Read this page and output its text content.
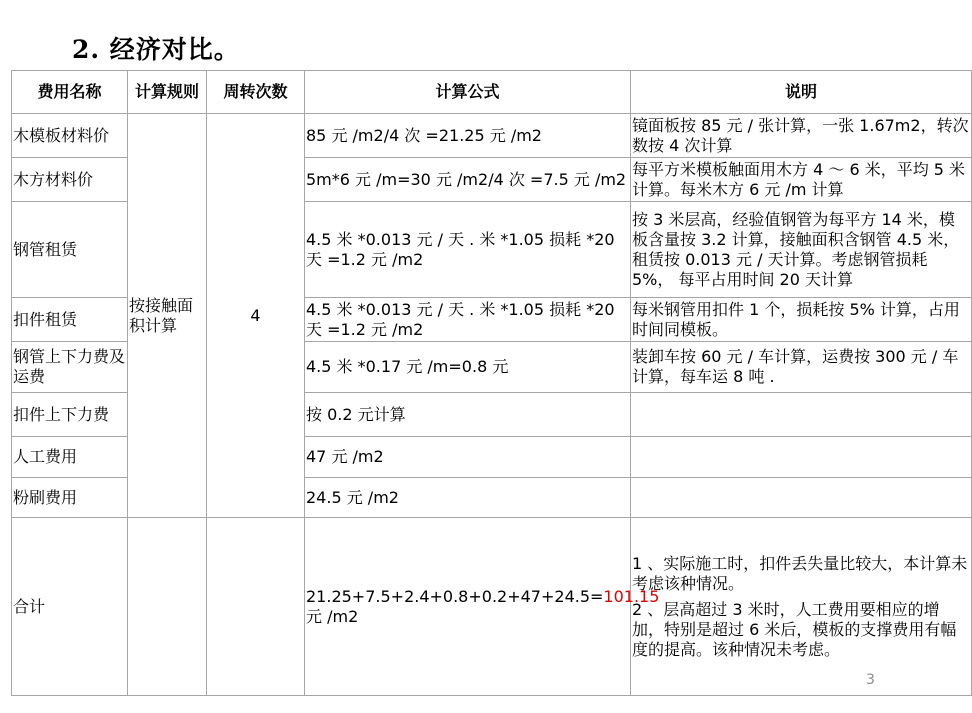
2. 经济对比。
费用名称	计算规则	周转次数	计算公式	说明
木模板材料价	按接触面积计算	4	85 元 /m2/4 次 =21.25 元 /m2	镜面板按 85 元 / 张计算，一张 1.67m2，转次数按 4 次计算
木方材料价			5m*6 元 /m=30 元 /m2/4 次 =7.5 元 /m2	每平方米模板触面用木方 4 ～ 6 米，平均 5 米计算。每米木方 6 元 /m 计算
钢管租赁			4.5 米 *0.013 元 / 天 . 米 *1.05 损耗 *20 天 =1.2 元 /m2	按 3 米层高，经验值钢管为每平方 14 米，模板含量按 3.2 计算，接触面积含钢管 4.5 米，租赁按 0.013 元 / 天计算。考虑钢管损耗 5%， 每平占用时间 20 天计算
扣件租赁			4.5 米 *0.013 元 / 天 . 米 *1.05 损耗 *20 天 =1.2 元 /m2	每米钢管用扣件 1 个，损耗按 5% 计算，占用时间同模板。
钢管上下力费及运费			4.5 米 *0.17 元 /m=0.8 元	装卸车按 60 元 / 车计算，运费按 300 元 / 车计算，每车运 8 吨 .
扣件上下力费			按 0.2 元计算	
人工费用			47 元 /m2	
粉刷费用			24.5 元 /m2	
合计			21.25+7.5+2.4+0.8+0.2+47+24.5=101.15 元 /m2	1 、实际施工时，扣件丢失量比较大，本计算未考虑该种情况。
2 、层高超过 3 米时，人工费用要相应的增加，特别是超过 6 米后，模板的支撑费用有幅度的提高。该种情况未考虑。
3
